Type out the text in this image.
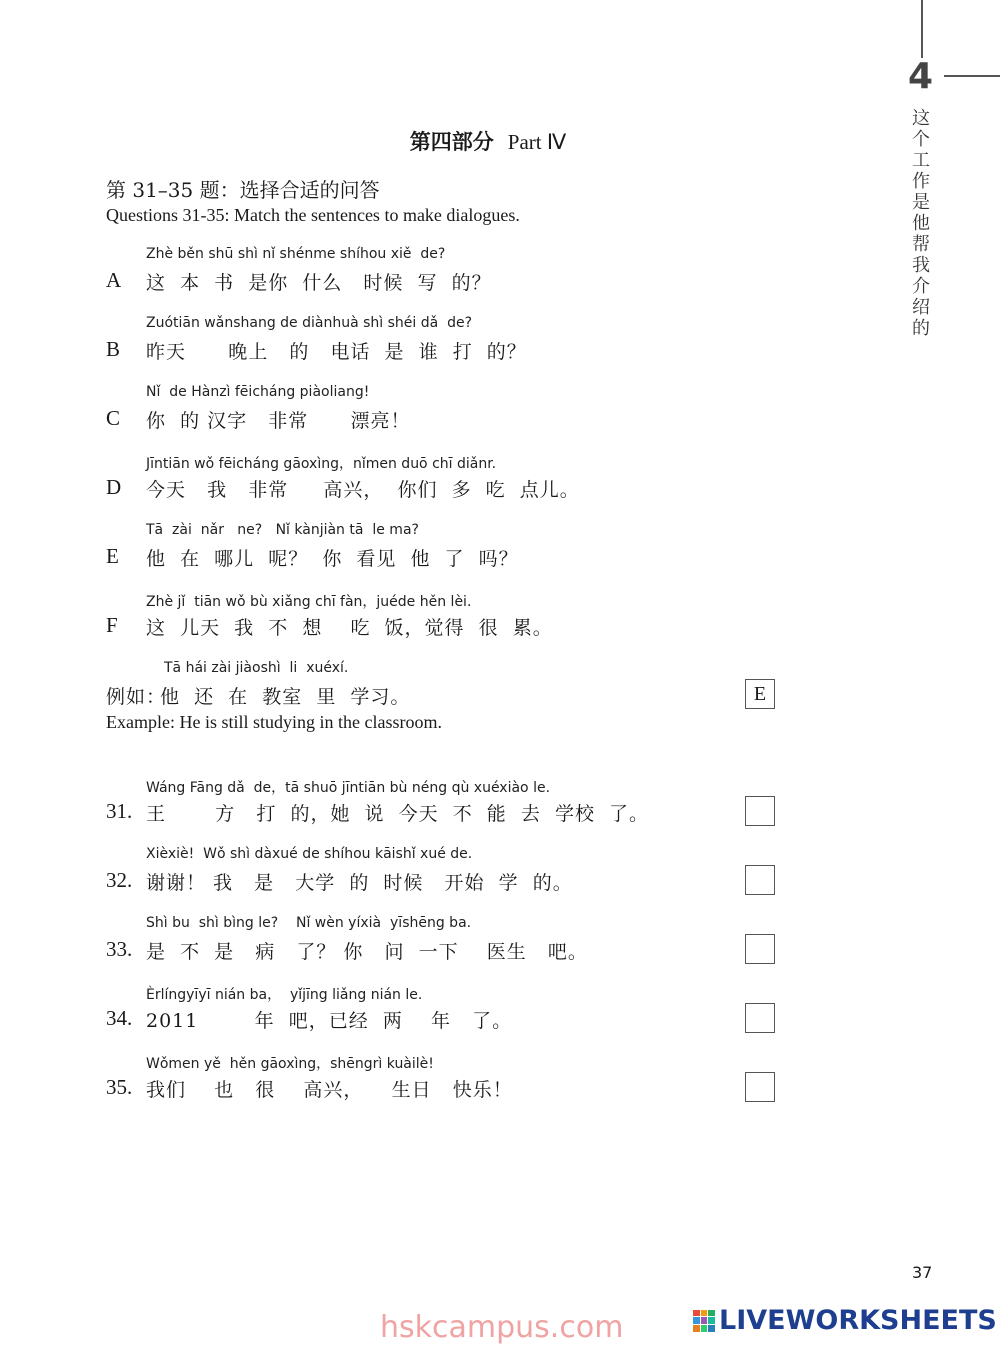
4
这个工作是他帮我介绍的
第四部分 Part Ⅳ
第 31–35 题：选择合适的问答
Questions 31-35: Match the sentences to make dialogues.
Zhè běn shū shì nǐ shénme shíhou xiě  de?
A 这  本  书  是你  什么   时候  写  的？
Zuótiān wǎnshang de diànhuà shì shéi dǎ  de?
B 昨天      晚上   的   电话  是  谁  打  的？
Nǐ  de Hànzì fēicháng piàoliang!
C 你  的 汉字   非常      漂亮！
Jīntiān wǒ fēicháng gāoxìng，nǐmen duō chī diǎnr.
D 今天   我   非常     高兴，  你们  多  吃  点儿。
Tā  zài  nǎr   ne?   Nǐ kànjiàn tā  le ma?
E 他  在  哪儿  呢？  你  看见  他  了  吗？
Zhè jǐ  tiān wǒ bù xiǎng chī fàn，juéde hěn lèi.
F 这  儿天  我  不  想    吃  饭，觉得  很  累。
Tā hái zài jiàoshì  li  xuéxí.
例如：
他  还  在  教室  里  学习。	E
Example: He is still studying in the classroom.
Wáng Fāng dǎ  de，tā shuō jīntiān bù néng qù xuéxiào le.
31. 王       方   打  的，她  说  今天  不  能  去  学校  了。
Xièxiè!  Wǒ shì dàxué de shíhou kāishǐ xué de.
32. 谢谢！ 我   是   大学  的  时候   开始  学  的。
Shì bu  shì bìng le?    Nǐ wèn yíxià  yīshēng ba.
33. 是  不  是   病   了？ 你   问  一下    医生   吧。
Èrlíngyīyī nián ba，  yǐjīng liǎng nián le.
34. 2011        年  吧，已经  两    年   了。
Wǒmen yě  hěn gāoxìng，shēngrì kuàilè!
35. 我们    也   很    高兴，    生日   快乐！
37
hskcampus.com	LIVEWORKSHEETS
